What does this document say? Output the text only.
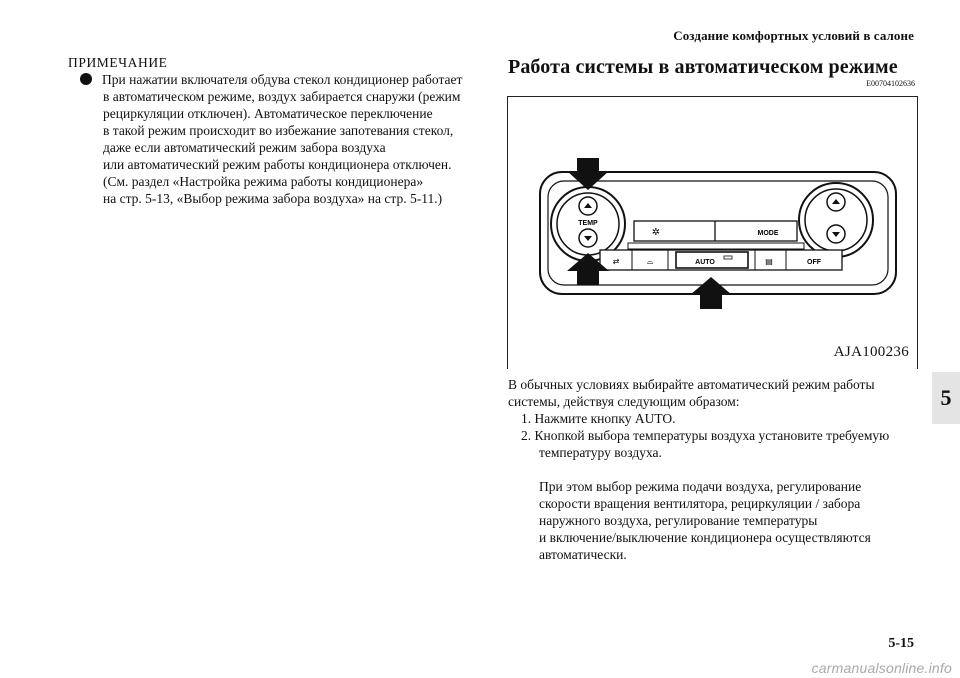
Создание комфортных условий в салоне
ПРИМЕЧАНИЕ
При нажатии включателя обдува стекол кондиционер работает
в автоматическом режиме, воздух забирается снаружи (режим
рециркуляции отключен). Автоматическое переключение
в такой режим происходит во избежание запотевания стекол,
даже если автоматический режим забора воздуха
или автоматический режим работы кондиционера отключен.
(См. раздел «Настройка режима работы кондиционера»
на стр. 5-13, «Выбор режима забора воздуха» на стр. 5-11.)
Работа системы в автоматическом режиме
E00704102636
TEMP
✲	MODE
⇄	⌓	AUTO	▤	OFF
AJA100236
В обычных условиях выбирайте автоматический режим работы
системы, действуя следующим образом:
1. Нажмите кнопку AUTO.
2. Кнопкой выбора температуры воздуха установите требуемую
температуру воздуха.
При этом выбор режима подачи воздуха, регулирование
скорости вращения вентилятора, рециркуляции / забора
наружного воздуха, регулирование температуры
и включение/выключение кондиционера осуществляются
автоматически.
5
5-15
carmanualsonline.info
